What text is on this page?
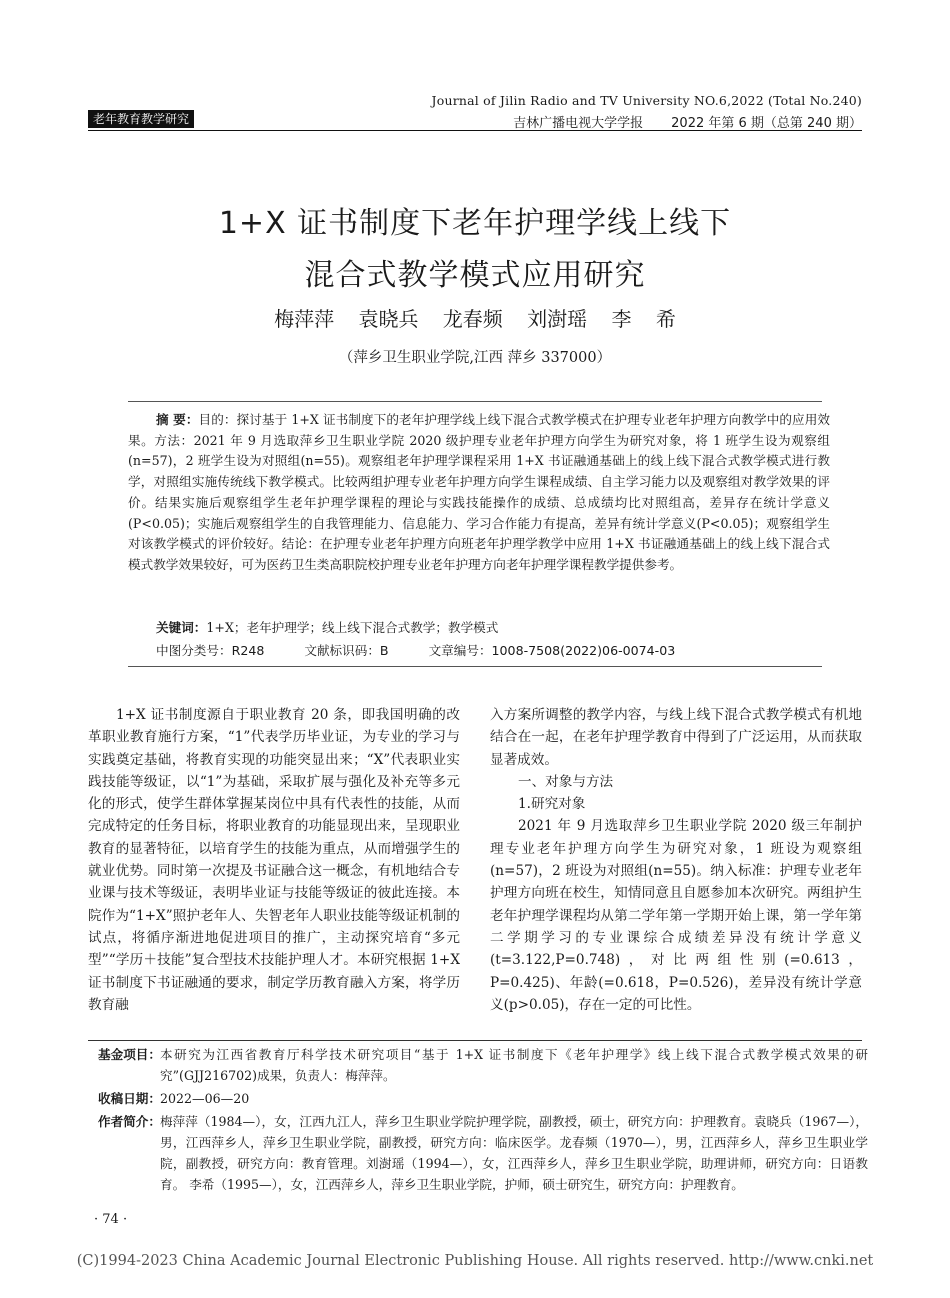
老年教育教学研究
Journal of Jilin Radio and TV University NO.6,2022 (Total No.240)
吉林广播电视大学学报 2022 年第 6 期（总第 240 期）
1+X 证书制度下老年护理学线上线下
混合式教学模式应用研究
梅萍萍 袁晓兵 龙春频 刘澍瑶 李 希
（萍乡卫生职业学院,江西 萍乡 337000）

摘 要：目的：探讨基于 1+X 证书制度下的老年护理学线上线下混合式教学模式在护理专业老年护理方向教学中的应用效果。方法：2021 年 9 月选取萍乡卫生职业学院 2020 级护理专业老年护理方向学生为研究对象，将 1 班学生设为观察组(n=57)，2 班学生设为对照组(n=55)。观察组老年护理学课程采用 1+X 书证融通基础上的线上线下混合式教学模式进行教学，对照组实施传统线下教学模式。比较两组护理专业老年护理方向学生课程成绩、自主学习能力以及观察组对教学效果的评价。结果实施后观察组学生老年护理学课程的理论与实践技能操作的成绩、总成绩均比对照组高，差异存在统计学意义(P<0.05)；实施后观察组学生的自我管理能力、信息能力、学习合作能力有提高，差异有统计学意义(P<0.05)；观察组学生对该教学模式的评价较好。结论：在护理专业老年护理方向班老年护理学教学中应用 1+X 书证融通基础上的线上线下混合式模式教学效果较好，可为医药卫生类高职院校护理专业老年护理方向老年护理学课程教学提供参考。

关键词：1+X；老年护理学；线上线下混合式教学；教学模式
中图分类号：R248	文献标识码：B	文章编号：1008-7508(2022)06-0074-03

1+X 证书制度源自于职业教育 20 条，即我国明确的改革职业教育施行方案，“1”代表学历毕业证，为专业的学习与实践奠定基础，将教育实现的功能突显出来；“X”代表职业实践技能等级证，以“1”为基础，采取扩展与强化及补充等多元化的形式，使学生群体掌握某岗位中具有代表性的技能，从而完成特定的任务目标，将职业教育的功能显现出来，呈现职业教育的显著特征，以培育学生的技能为重点，从而增强学生的就业优势。同时第一次提及书证融合这一概念，有机地结合专业课与技术等级证，表明毕业证与技能等级证的彼此连接。本院作为“1+X”照护老年人、失智老年人职业技能等级证机制的试点，将循序渐进地促进项目的推广，主动探究培育“多元型”“学历＋技能”复合型技术技能护理人才。本研究根据 1+X 证书制度下书证融通的要求，制定学历教育融入方案，将学历教育融

入方案所调整的教学内容，与线上线下混合式教学模式有机地结合在一起，在老年护理学教育中得到了广泛运用，从而获取显著成效。

一、对象与方法

1.研究对象

2021 年 9 月选取萍乡卫生职业学院 2020 级三年制护理专业老年护理方向学生为研究对象，1 班设为观察组(n=57)，2 班设为对照组(n=55)。纳入标准：护理专业老年护理方向班在校生，知情同意且自愿参加本次研究。两组护生老年护理学课程均从第二学年第一学期开始上课，第一学年第二学期学习的专业课综合成绩差异没有统计学意义(t=3.122,P=0.748)，对比两组性别(=0.613，P=0.425)、年龄(=0.618，P=0.526)，差异没有统计学意义(p>0.05)，存在一定的可比性。

基金项目： 本研究为江西省教育厅科学技术研究项目“基于 1+X 证书制度下《老年护理学》线上线下混合式教学模式效果的研究”(GJJ216702)成果，负责人：梅萍萍。
收稿日期： 2022—06—20
作者简介： 梅萍萍（1984—），女，江西九江人，萍乡卫生职业学院护理学院，副教授，硕士，研究方向：护理教育。袁晓兵（1967—），男，江西萍乡人，萍乡卫生职业学院，副教授，研究方向：临床医学。龙春频（1970—），男，江西萍乡人，萍乡卫生职业学院，副教授，研究方向：教育管理。刘澍瑶（1994—），女，江西萍乡人，萍乡卫生职业学院，助理讲师，研究方向：日语教育。 李希（1995—），女，江西萍乡人，萍乡卫生职业学院，护师，硕士研究生，研究方向：护理教育。
· 74 ·
(C)1994-2023 China Academic Journal Electronic Publishing House. All rights reserved. http://www.cnki.net
